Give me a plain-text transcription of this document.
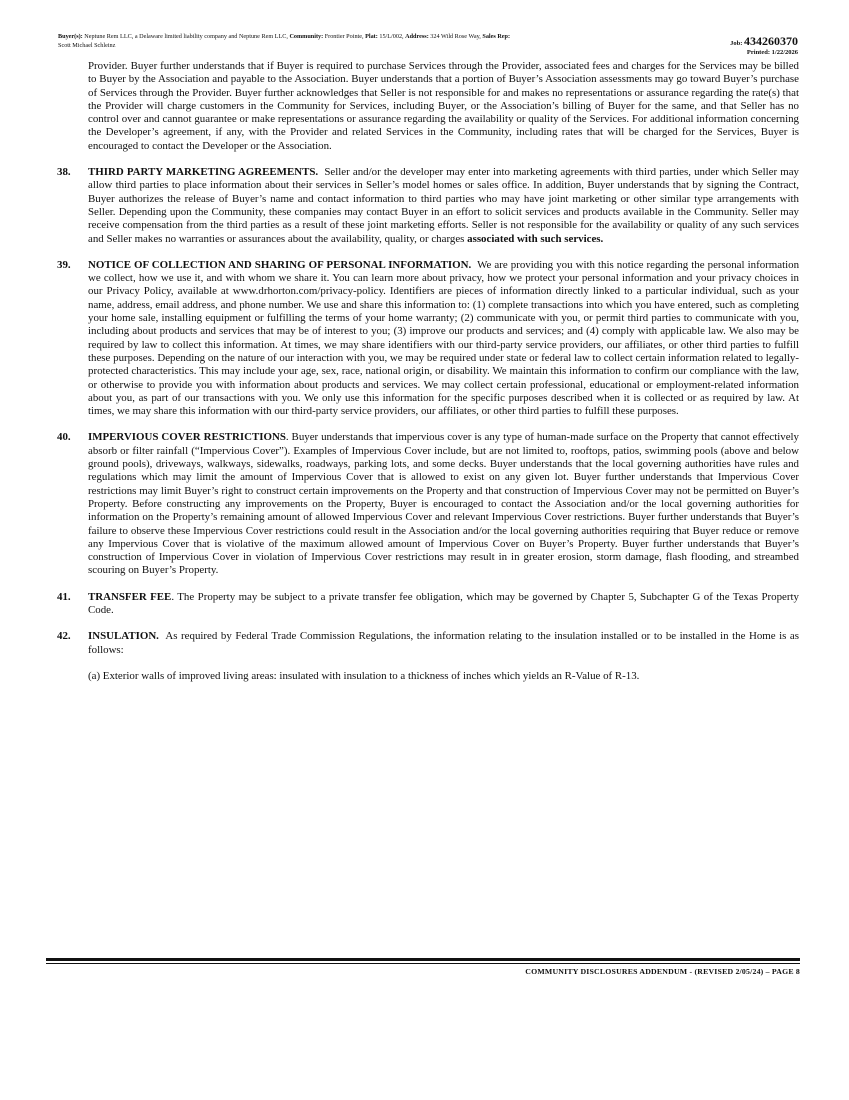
Buyer(s): Neptune Rem LLC, a Delaware limited liability company and Neptune Rem LLC, Community: Frontier Pointe, Plat: 15/L/002, Address: 324 Wild Rose Way, Sales Rep:
Scott Michael Schleinz	Job: 434260370
Printed: 1/22/2026
Provider. Buyer further understands that if Buyer is required to purchase Services through the Provider, associated fees and charges for the Services may be billed to Buyer by the Association and payable to the Association. Buyer understands that a portion of Buyer’s Association assessments may go toward Buyer’s purchase of Services through the Provider. Buyer further acknowledges that Seller is not responsible for and makes no representations or assurance regarding the rate(s) that the Provider will charge customers in the Community for Services, including Buyer, or the Association’s billing of Buyer for the same, and that Seller has no control over and cannot guarantee or make representations or assurance regarding the availability or quality of the Services. For additional information concerning the Developer’s agreement, if any, with the Provider and related Services in the Community, including rates that will be charged for the Services, Buyer is encouraged to contact the Developer or the Association.
38.	THIRD PARTY MARKETING AGREEMENTS. Seller and/or the developer may enter into marketing agreements with third parties, under which Seller may allow third parties to place information about their services in Seller’s model homes or sales office. In addition, Buyer understands that by signing the Contract, Buyer authorizes the release of Buyer’s name and contact information to third parties who may have joint marketing or other similar type arrangements with Seller. Depending upon the Community, these companies may contact Buyer in an effort to solicit services and products available in the Community. Seller may receive compensation from the third parties as a result of these joint marketing efforts. Seller is not responsible for the availability or quality of any such services and Seller makes no warranties or assurances about the availability, quality, or charges associated with such services.
39.	NOTICE OF COLLECTION AND SHARING OF PERSONAL INFORMATION. We are providing you with this notice regarding the personal information we collect, how we use it, and with whom we share it. You can learn more about privacy, how we protect your personal information and your privacy choices in our Privacy Policy, available at www.drhorton.com/privacy-policy. Identifiers are pieces of information directly linked to a particular individual, such as your name, address, email address, and phone number. We use and share this information to: (1) complete transactions into which you have entered, such as completing your home sale, installing equipment or fulfilling the terms of your home warranty; (2) communicate with you, or permit third parties to communicate with you, including about products and services that may be of interest to you; (3) improve our products and services; and (4) comply with applicable law. We also may be required by law to collect this information. At times, we may share identifiers with our third-party service providers, our affiliates, or other third parties to fulfill these purposes. Depending on the nature of our interaction with you, we may be required under state or federal law to collect certain information related to legally-protected characteristics. This may include your age, sex, race, national origin, or disability. We maintain this information to confirm our compliance with the law, or otherwise to provide you with information about products and services. We may collect certain professional, educational or employment-related information about you, as part of our transactions with you. We only use this information for the specific purposes described when it is collected or as required by law. At times, we may share this information with our third-party service providers, our affiliates, or other third parties to fulfill these purposes.
40.	IMPERVIOUS COVER RESTRICTIONS. Buyer understands that impervious cover is any type of human-made surface on the Property that cannot effectively absorb or filter rainfall (“Impervious Cover”). Examples of Impervious Cover include, but are not limited to, rooftops, patios, swimming pools (above and below ground pools), driveways, walkways, sidewalks, roadways, parking lots, and some decks. Buyer understands that the local governing authorities have rules and regulations which may limit the amount of Impervious Cover that is allowed to exist on any given lot. Buyer further understands that Impervious Cover restrictions may limit Buyer’s right to construct certain improvements on the Property and that construction of Impervious Cover may not be permitted on Buyer’s Property. Before constructing any improvements on the Property, Buyer is encouraged to contact the Association and/or the local governing authorities for information on the Property’s remaining amount of allowed Impervious Cover and relevant Impervious Cover restrictions. Buyer further understands that Buyer’s failure to observe these Impervious Cover restrictions could result in the Association and/or the local governing authorities requiring that Buyer reduce or remove any Impervious Cover that is violative of the maximum allowed amount of Impervious Cover on Buyer’s Property. Buyer further understands that Buyer’s construction of Impervious Cover in violation of Impervious Cover restrictions may result in in greater erosion, storm damage, flash flooding, and streambed scouring on Buyer’s Property.
41.	TRANSFER FEE. The Property may be subject to a private transfer fee obligation, which may be governed by Chapter 5, Subchapter G of the Texas Property Code.
42.	INSULATION. As required by Federal Trade Commission Regulations, the information relating to the insulation installed or to be installed in the Home is as follows:
(a) Exterior walls of improved living areas: insulated with insulation to a thickness of inches which yields an R-Value of R-13.
COMMUNITY DISCLOSURES ADDENDUM - (REVISED 2/05/24) – PAGE 8
